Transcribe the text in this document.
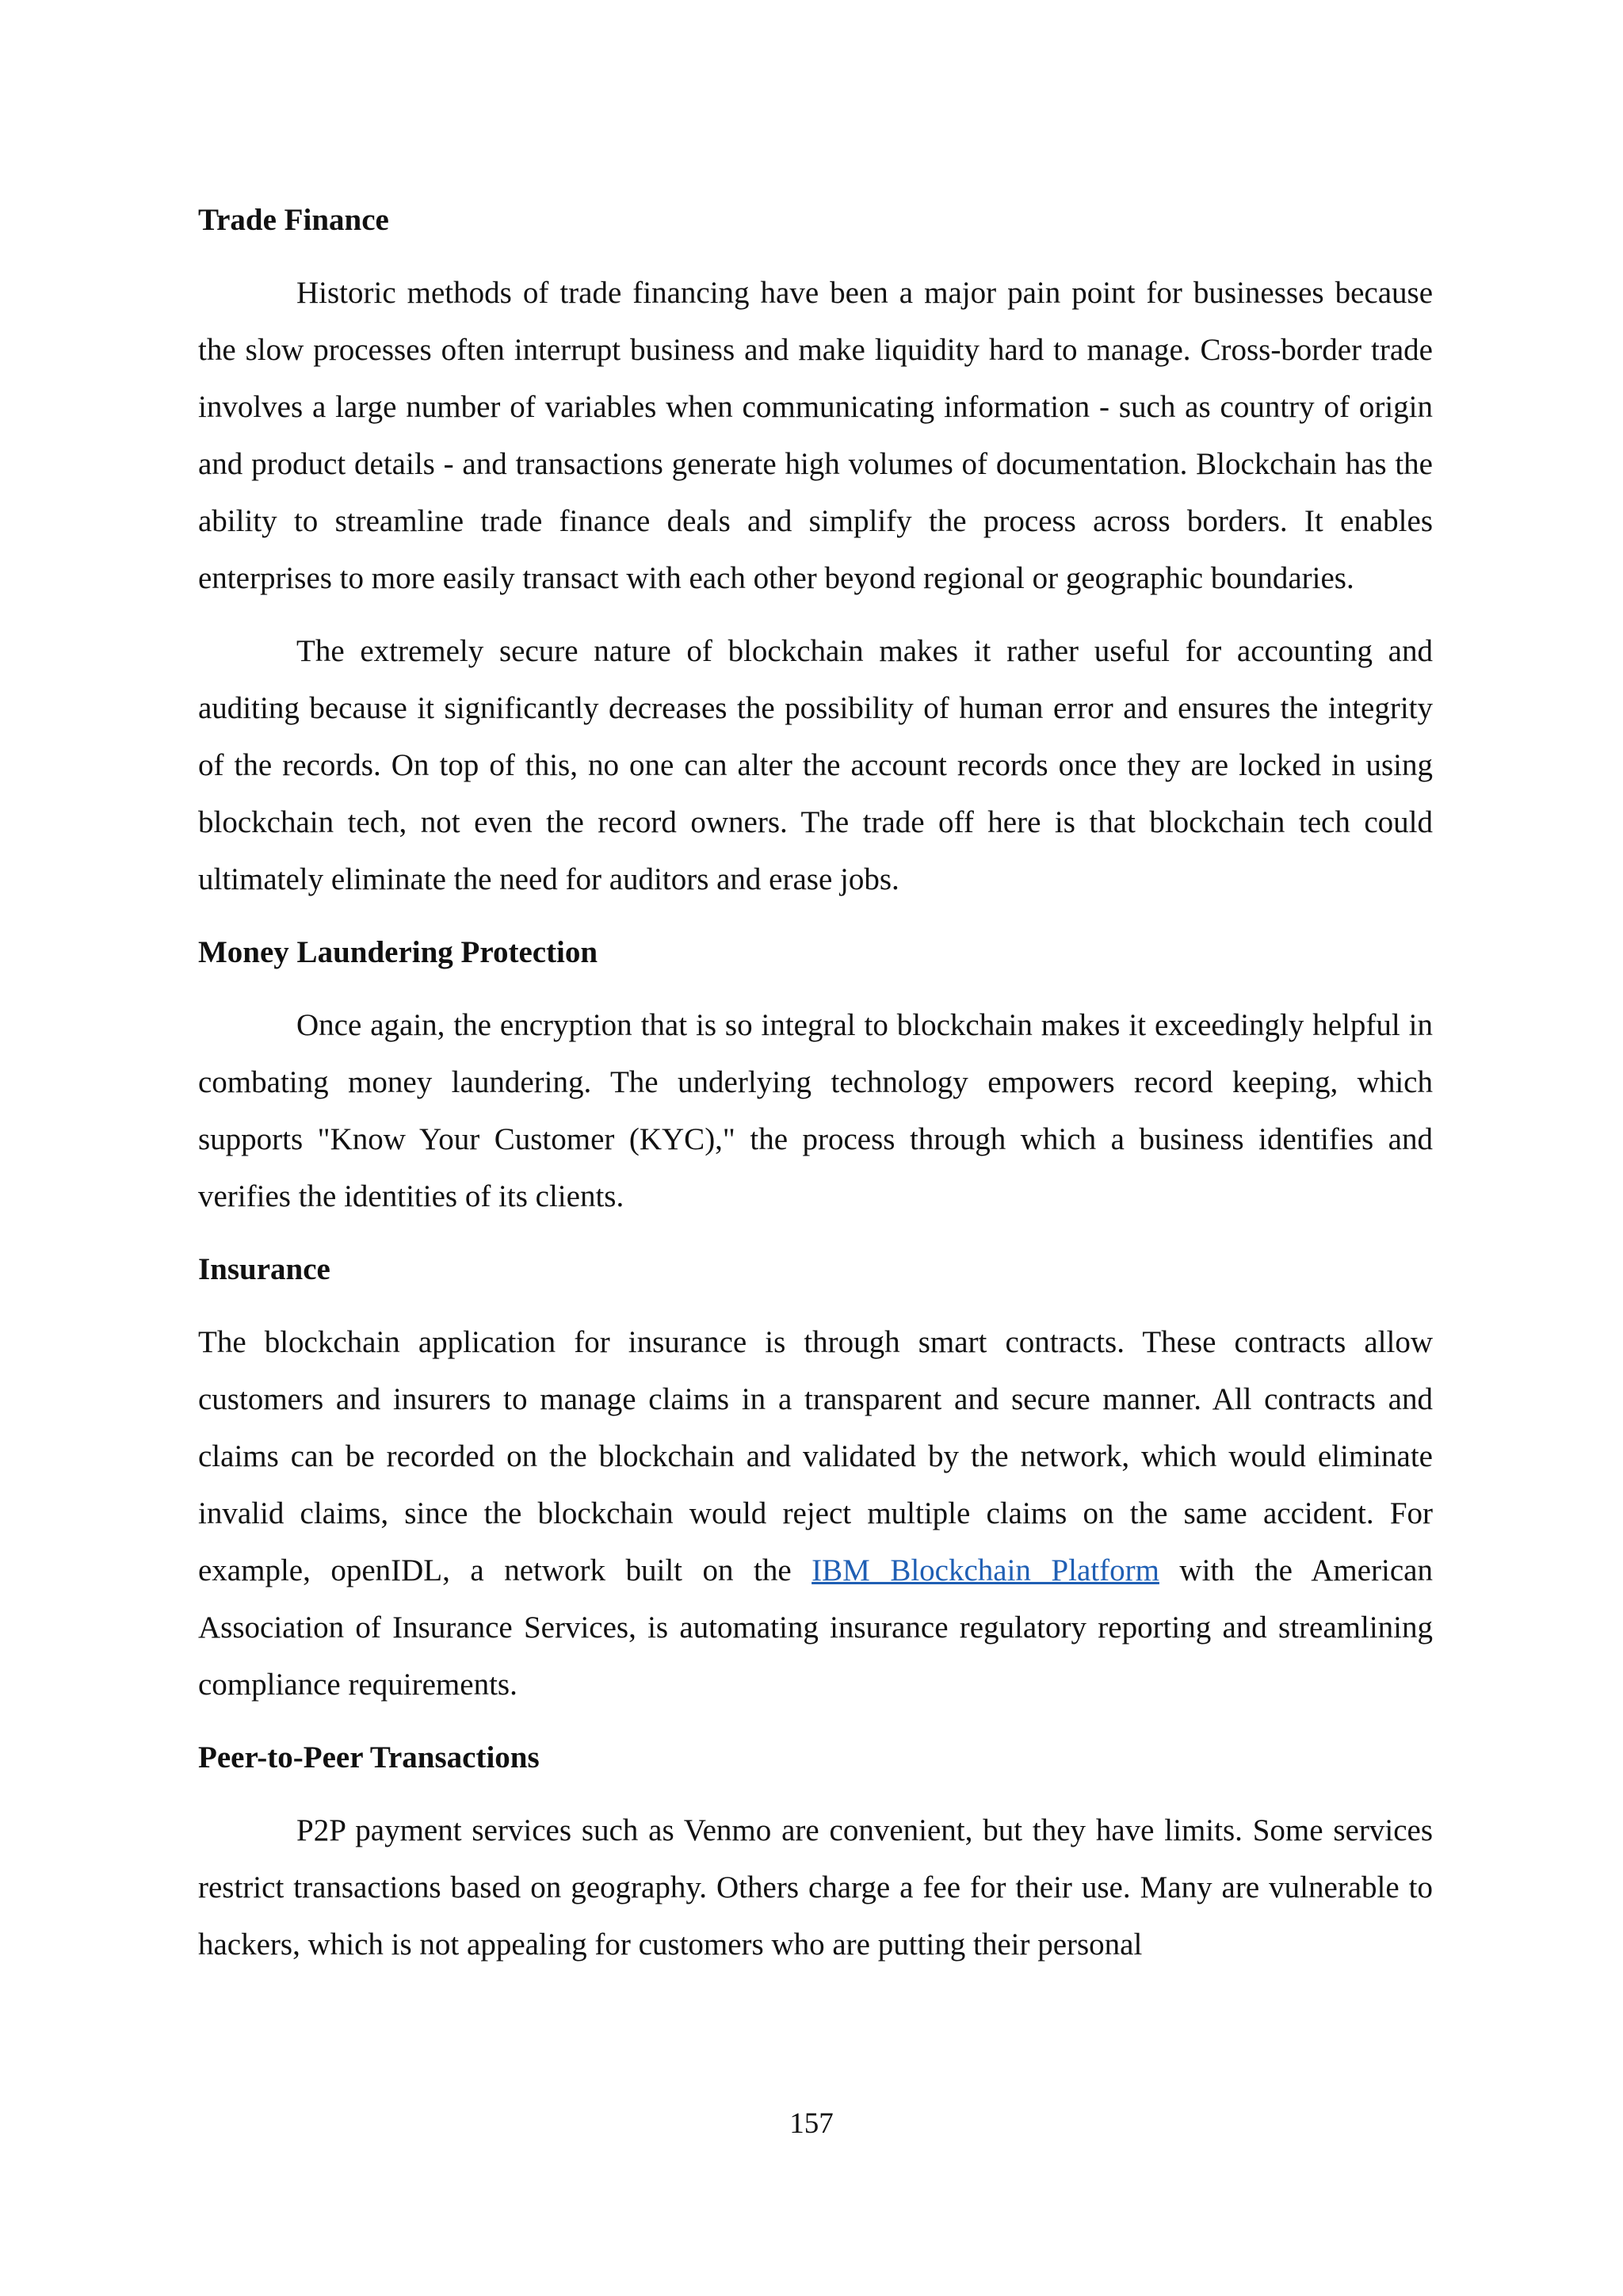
Trade Finance

Historic methods of trade financing have been a major pain point for businesses because the slow processes often interrupt business and make liquidity hard to manage. Cross-border trade involves a large number of variables when communicating information - such as country of origin and product details - and transactions generate high volumes of documentation. Blockchain has the ability to streamline trade finance deals and simplify the process across borders. It enables enterprises to more easily transact with each other beyond regional or geographic boundaries.

The extremely secure nature of blockchain makes it rather useful for accounting and auditing because it significantly decreases the possibility of human error and ensures the integrity of the records. On top of this, no one can alter the account records once they are locked in using blockchain tech, not even the record owners. The trade off here is that blockchain tech could ultimately eliminate the need for auditors and erase jobs.

Money Laundering Protection

Once again, the encryption that is so integral to blockchain makes it exceedingly helpful in combating money laundering. The underlying technology empowers record keeping, which supports "Know Your Customer (KYC)," the process through which a business identifies and verifies the identities of its clients.

Insurance

The blockchain application for insurance is through smart contracts. These contracts allow customers and insurers to manage claims in a transparent and secure manner. All contracts and claims can be recorded on the blockchain and validated by the network, which would eliminate invalid claims, since the blockchain would reject multiple claims on the same accident. For example, openIDL, a network built on the IBM Blockchain Platform with the American Association of Insurance Services, is automating insurance regulatory reporting and streamlining compliance requirements.

Peer-to-Peer Transactions

P2P payment services such as Venmo are convenient, but they have limits. Some services restrict transactions based on geography. Others charge a fee for their use. Many are vulnerable to hackers, which is not appealing for customers who are putting their personal

157
